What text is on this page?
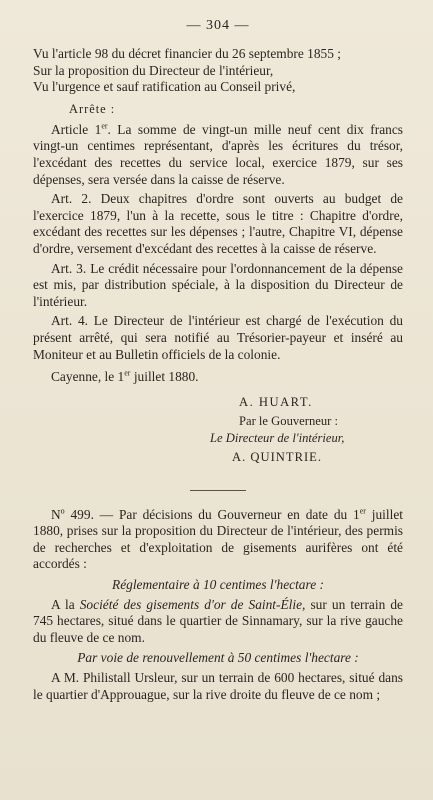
— 304 —

Vu l'article 98 du décret financier du 26 septembre 1855 ;

Sur la proposition du Directeur de l'intérieur,

Vu l'urgence et sauf ratification au Conseil privé,

Arrête :

Article 1er. La somme de vingt-un mille neuf cent dix francs vingt-un centimes représentant, d'après les écritures du trésor, l'excédant des recettes du service local, exercice 1879, sur ses dépenses, sera versée dans la caisse de réserve.

Art. 2. Deux chapitres d'ordre sont ouverts au budget de l'exercice 1879, l'un à la recette, sous le titre : Chapitre d'ordre, excédant des recettes sur les dépenses ; l'autre, Chapitre VI, dépense d'ordre, versement d'excédant des recettes à la caisse de réserve.

Art. 3. Le crédit nécessaire pour l'ordonnancement de la dépense est mis, par distribution spéciale, à la disposition du Directeur de l'intérieur.

Art. 4. Le Directeur de l'intérieur est chargé de l'exécution du présent arrêté, qui sera notifié au Trésorier-payeur et inséré au Moniteur et au Bulletin officiels de la colonie.

Cayenne, le 1er juillet 1880.

A. HUART.
Par le Gouverneur :
Le Directeur de l'intérieur,
A. QUINTRIE.

$N^o$ 499. — Par décisions du Gouverneur en date du 1er juillet 1880, prises sur la proposition du Directeur de l'intérieur, des permis de recherches et d'exploitation de gisements aurifères ont été accordés :

Réglementaire à 10 centimes l'hectare :

A la Société des gisements d'or de Saint-Élie, sur un terrain de 745 hectares, situé dans le quartier de Sinnamary, sur la rive gauche du fleuve de ce nom.

Par voie de renouvellement à 50 centimes l'hectare :

A M. Philistall Ursleur, sur un terrain de 600 hectares, situé dans le quartier d'Approuague, sur la rive droite du fleuve de ce nom ;
